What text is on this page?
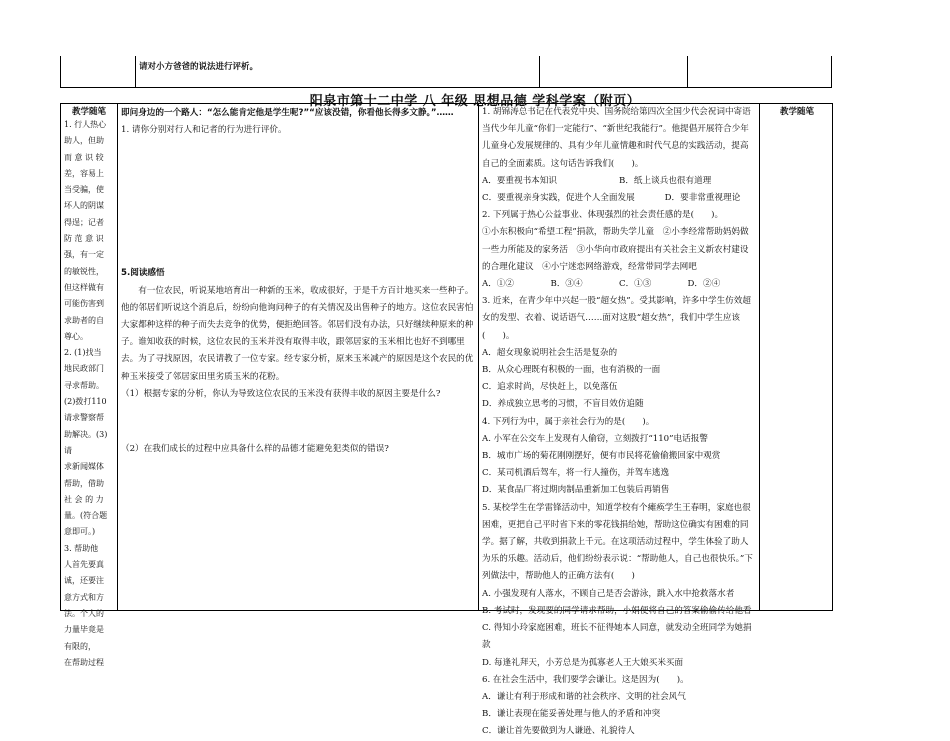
请对小方爸爸的说法进行评析。
阳泉市第十二中学 八 年级 思想品德 学科学案（附页）
教学随笔
1. 行人热心
助人，但助
而 意 识 较
差，容易上
当受骗，使
坏人的阴谋
得逞；记者
防 范 意 识
强，有一定
的敏锐性，
但这样做有
可能伤害到
求助者的自
尊心。
2. (1)找当
地民政部门
寻求帮助。
(2)拨打110
请求警察帮
助解决。(3)
请
求新闻媒体
帮助，借助
社 会 的 力
量。(符合题
意即可。)
3. 帮助他
人首先要真
诚，还要注
意方式和方
法。个人的
力量毕竟是
有限的，
在帮助过程

即问身边的一个路人：“怎么能肯定他是学生呢?”“应该没错，你看他长得多文静。”……

1. 请你分别对行人和记者的行为进行评价。

5.阅读感悟

有一位农民，听说某地培育出一种新的玉米，收成很好，于是千方百计地买来一些种子。他的邻居们听说这个消息后，纷纷向他询问种子的有关情况及出售种子的地方。这位农民害怕大家都种这样的种子而失去竞争的优势，便拒绝回答。邻居们没有办法，只好继续种原来的种子。谁知收获的时候，这位农民的玉米并没有取得丰收，跟邻居家的玉米相比也好不到哪里去。为了寻找原因，农民请教了一位专家。经专家分析，原来玉米减产的原因是这个农民的优种玉米接受了邻居家田里劣质玉米的花粉。

（1）根据专家的分析，你认为导致这位农民的玉米没有获得丰收的原因主要是什么?

（2）在我们成长的过程中应具备什么样的品德才能避免犯类似的错误?

1. 胡锦涛总书记在代表党中央、国务院给第四次全国少代会祝词中寄语当代少年儿童“你们一定能行”、“新世纪我能行”。他提倡开展符合少年儿童身心发展规律的、具有少年儿童情趣和时代气息的实践活动，提高自己的全面素质。这句话告诉我们(　　)。

A．要重视书本知识	B．纸上谈兵也很有道理
C．要重视亲身实践，促进个人全面发展	D．要非常重视理论

2. 下列属于热心公益事业、体现强烈的社会责任感的是(　　)。

①小东积极向“希望工程”捐款，帮助失学儿童　②小李经常帮助妈妈做一些力所能及的家务活　③小华向市政府提出有关社会主义新农村建设的合理化建议　④小宁迷恋网络游戏，经常带同学去网吧

A．①②	B．③④	C．①③	D．②④

3. 近来，在青少年中兴起一股“超女热”。受其影响，许多中学生仿效超女的发型、衣着、说话语气……面对这股“超女热”，我们中学生应该(　　)。

A．超女现象说明社会生活是复杂的

B．从众心理既有积极的一面，也有消极的一面

C．追求时尚，尽快赶上，以免落伍

D．养成独立思考的习惯，不盲目效仿追随

4. 下列行为中，属于亲社会行为的是(　　)。

A. 小军在公交车上发现有人偷窃，立刻拨打“110”电话报警

B．城市广场的菊花刚刚摆好，便有市民将花偷偷搬回家中观赏

C．某司机酒后驾车，将一行人撞伤，并驾车逃逸

D．某食品厂将过期肉制品重新加工包装后再销售

5. 某校学生在学雷锋活动中，知道学校有个瘫痪学生王春明，家庭也很困难，更把自己平时省下来的零花钱捐给她，帮助这位确实有困难的同学。据了解，共收到捐款上千元。在这项活动过程中，学生体验了助人为乐的乐趣。活动后，他们纷纷表示说：“帮助他人，自己也很快乐。”下列做法中，帮助他人的正确方法有(　　)

A. 小强发现有人落水，不顾自己是否会游泳，跳入水中抢救落水者

B. 考试时，发现要的同学请求帮助，小娟便将自己的答案偷偷传给他看

C. 得知小玲家庭困难，班长不征得她本人同意，就发动全班同学为她捐款

D. 每逢礼拜天，小芳总是为孤寡老人王大娘买米买面

6. 在社会生活中，我们要学会谦让。这是因为(　　)。

A．谦让有利于形成和谐的社会秩序、文明的社会风气

B．谦让表现在能妥善处理与他人的矛盾和冲突

C．谦让首先要做到为人谦逊、礼貌待人

教学随笔
